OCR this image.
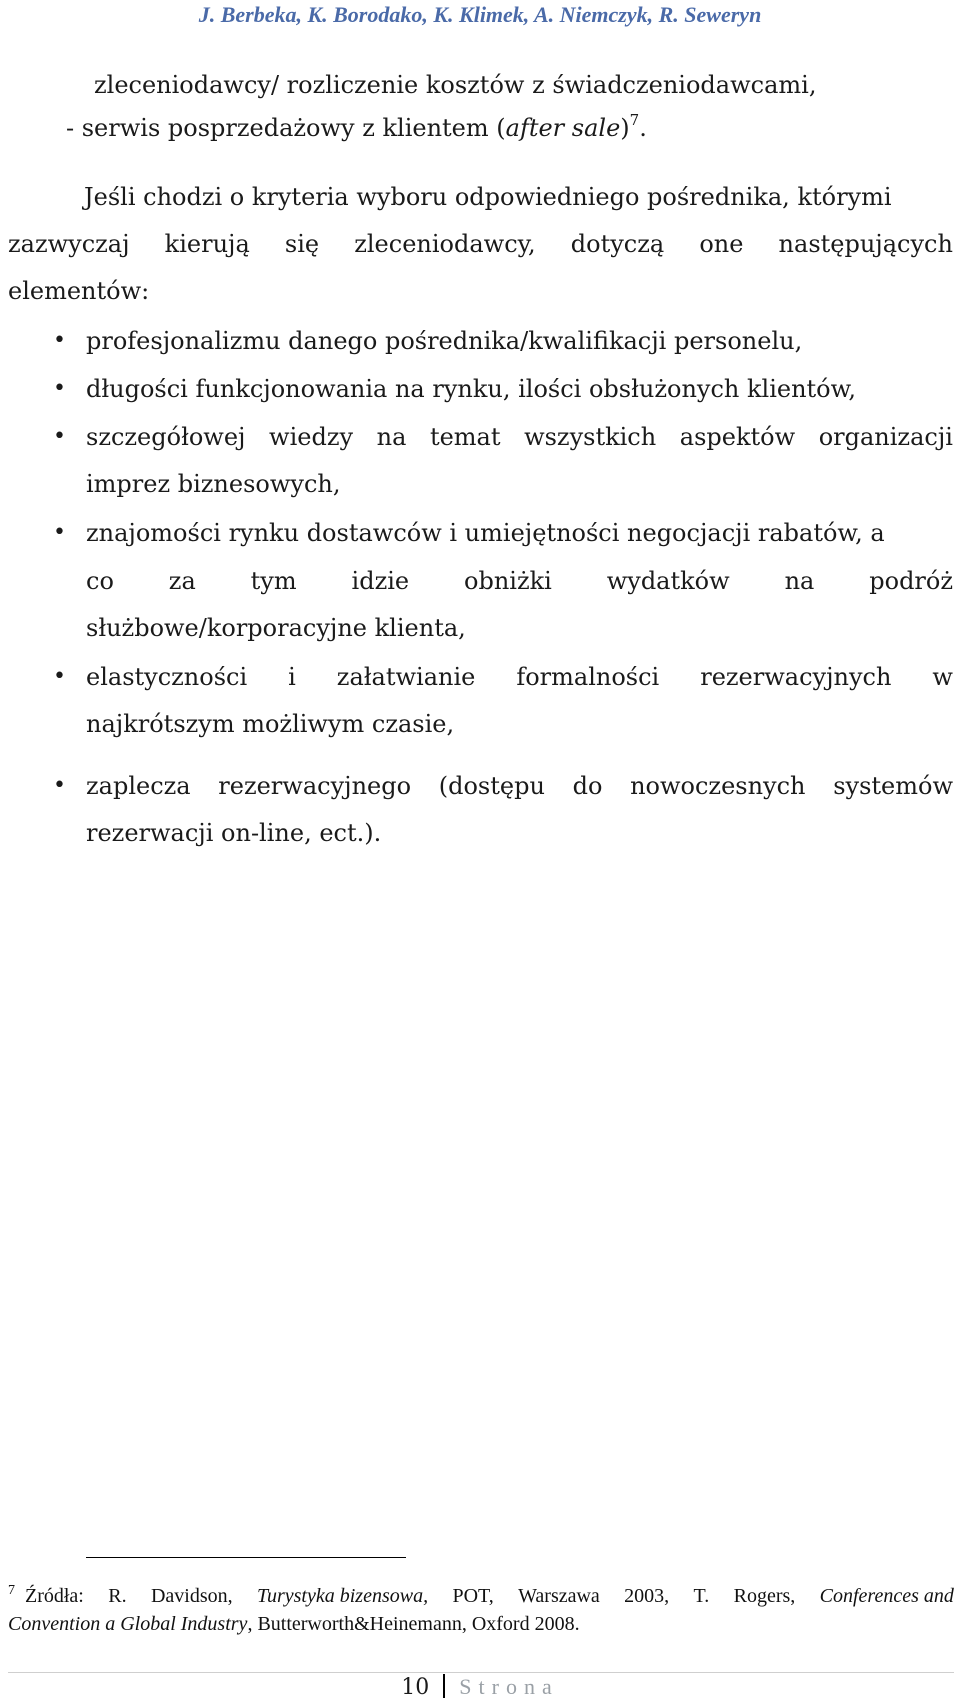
J. Berbeka, K. Borodako, K. Klimek, A. Niemczyk, R. Seweryn
zleceniodawcy/ rozliczenie kosztów z świadczeniodawcami,
- serwis posprzedażowy z klientem (after sale)$^7$.
Jeśli chodzi o kryteria wyboru odpowiedniego pośrednika, którymi
zazwyczaj kierują się zleceniodawcy, dotyczą one następujących
elementów:
• profesjonalizmu danego pośrednika/kwalifikacji personelu,
• długości funkcjonowania na rynku, ilości obsłużonych klientów,
• szczegółowej wiedzy na temat wszystkich aspektów organizacji
imprez biznesowych,
• znajomości rynku dostawców i umiejętności negocjacji rabatów, a
co za tym idzie obniżki wydatków na podróż
służbowe/korporacyjne klienta,
• elastyczności i załatwianie formalności rezerwacyjnych w
najkrótszym możliwym czasie,
• zaplecza rezerwacyjnego (dostępu do nowoczesnych systemów
rezerwacji on-line, ect.).
$^7$ Źródła: R. Davidson, Turystyka bizensowa, POT, Warszawa 2003, T. Rogers, Conferences and
Convention a Global Industry, Butterworth&Heinemann, Oxford 2008.
10 Strona
